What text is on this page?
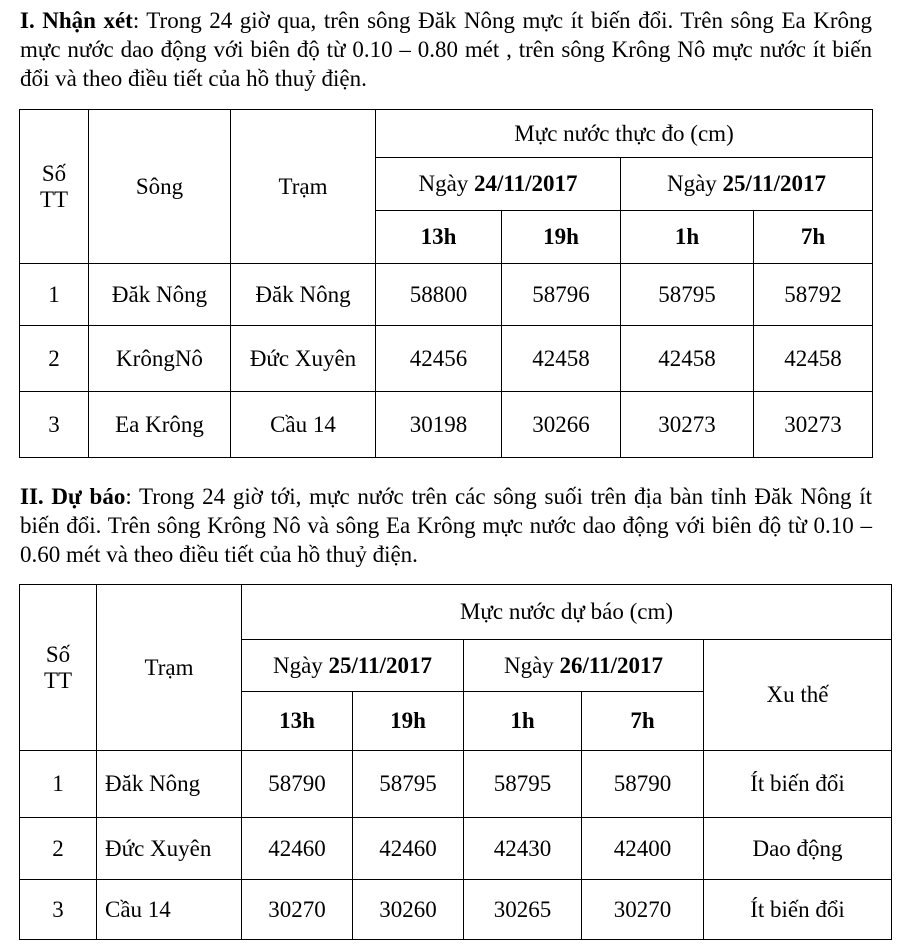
I. Nhận xét: Trong 24 giờ qua, trên sông Đăk Nông mực ít biến đổi. Trên sông Ea Krông mực nước dao động với biên độ từ 0.10 – 0.80 mét , trên sông Krông Nô mực nước ít biến đổi và theo điều tiết của hồ thuỷ điện.
Số TT	Sông	Trạm	Mực nước thực đo (cm)			
			Ngày 24/11/2017		Ngày 25/11/2017	
			13h	19h	1h	7h
1	Đăk Nông	Đăk Nông	58800	58796	58795	58792
2	KrôngNô	Đức Xuyên	42456	42458	42458	42458
3	Ea Krông	Cầu 14	30198	30266	30273	30273
II. Dự báo: Trong 24 giờ tới, mực nước trên các sông suối trên địa bàn tỉnh Đăk Nông ít biến đổi. Trên sông Krông Nô và sông Ea Krông mực nước dao động với biên độ từ 0.10 – 0.60 mét và theo điều tiết của hồ thuỷ điện.
Số TT	Trạm	Mực nước dự báo (cm)				
		Ngày 25/11/2017		Ngày 26/11/2017		Xu thế
		13h	19h	1h	7h	
1	Đăk Nông	58790	58795	58795	58790	Ít biến đổi
2	Đức Xuyên	42460	42460	42430	42400	Dao động
3	Cầu 14	30270	30260	30265	30270	Ít biến đổi
